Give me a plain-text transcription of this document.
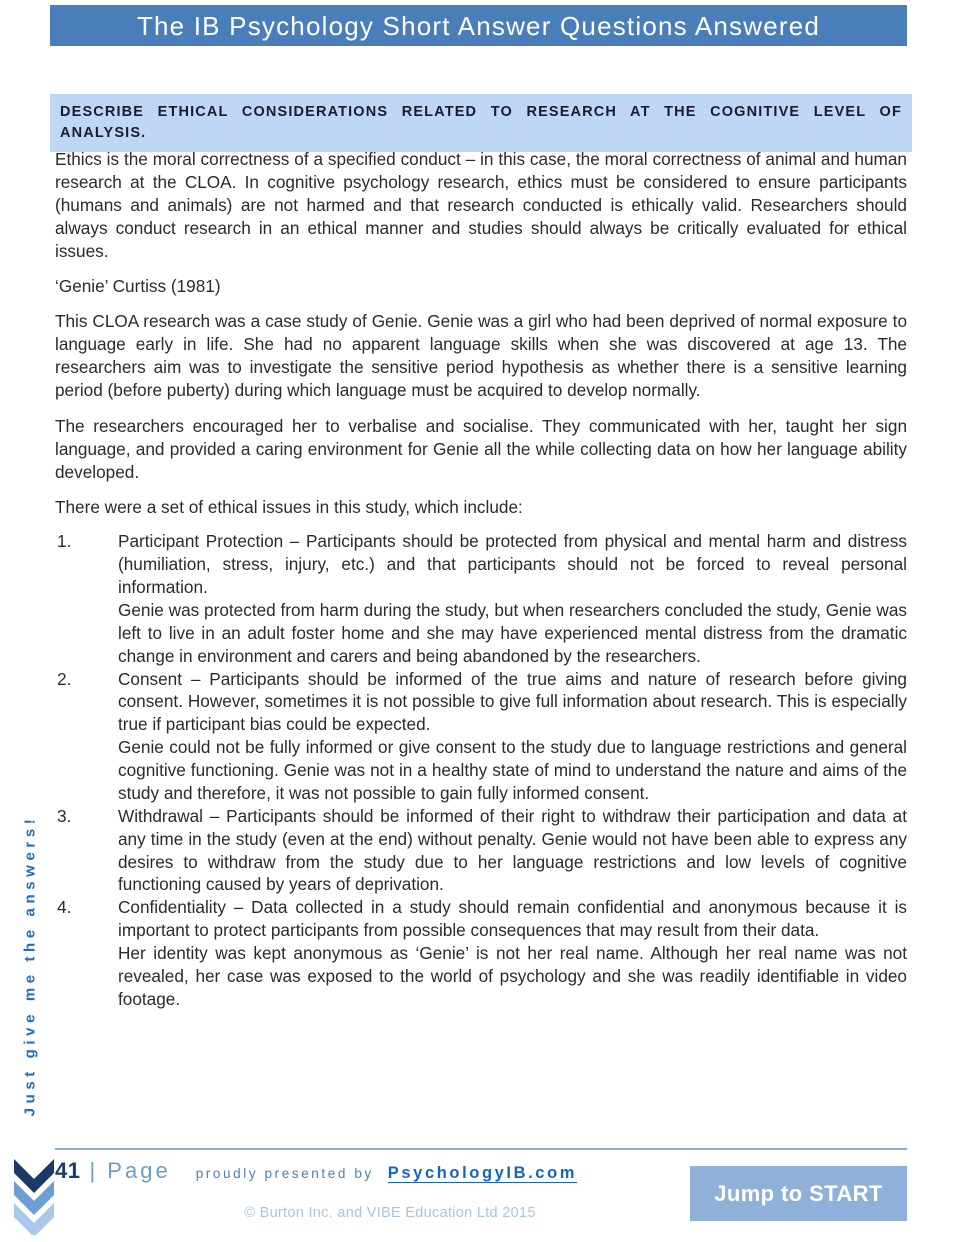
The IB Psychology Short Answer Questions Answered

DESCRIBE ETHICAL CONSIDERATIONS RELATED TO RESEARCH AT THE COGNITIVE LEVEL OF ANALYSIS.

Ethics is the moral correctness of a specified conduct – in this case, the moral correctness of animal and human research at the CLOA. In cognitive psychology research, ethics must be considered to ensure participants (humans and animals) are not harmed and that research conducted is ethically valid. Researchers should always conduct research in an ethical manner and studies should always be critically evaluated for ethical issues.

‘Genie’ Curtiss (1981)

This CLOA research was a case study of Genie. Genie was a girl who had been deprived of normal exposure to language early in life. She had no apparent language skills when she was discovered at age 13. The researchers aim was to investigate the sensitive period hypothesis as whether there is a sensitive learning period (before puberty) during which language must be acquired to develop normally.

The researchers encouraged her to verbalise and socialise. They communicated with her, taught her sign language, and provided a caring environment for Genie all the while collecting data on how her language ability developed.

There were a set of ethical issues in this study, which include:

Participant Protection – Participants should be protected from physical and mental harm and distress (humiliation, stress, injury, etc.) and that participants should not be forced to reveal personal information.

Genie was protected from harm during the study, but when researchers concluded the study, Genie was left to live in an adult foster home and she may have experienced mental distress from the dramatic change in environment and carers and being abandoned by the researchers.

Consent – Participants should be informed of the true aims and nature of research before giving consent. However, sometimes it is not possible to give full information about research. This is especially true if participant bias could be expected.

Genie could not be fully informed or give consent to the study due to language restrictions and general cognitive functioning. Genie was not in a healthy state of mind to understand the nature and aims of the study and therefore, it was not possible to gain fully informed consent.

Withdrawal – Participants should be informed of their right to withdraw their participation and data at any time in the study (even at the end) without penalty. Genie would not have been able to express any desires to withdraw from the study due to her language restrictions and low levels of cognitive functioning caused by years of deprivation.

Confidentiality – Data collected in a study should remain confidential and anonymous because it is important to protect participants from possible consequences that may result from their data.

Her identity was kept anonymous as ‘Genie’ is not her real name. Although her real name was not revealed, her case was exposed to the world of psychology and she was readily identifiable in video footage.

Just give me the answers!
41 | Page proudly presented by PsychologyIB.com
© Burton Inc. and VIBE Education Ltd 2015
Jump to START
